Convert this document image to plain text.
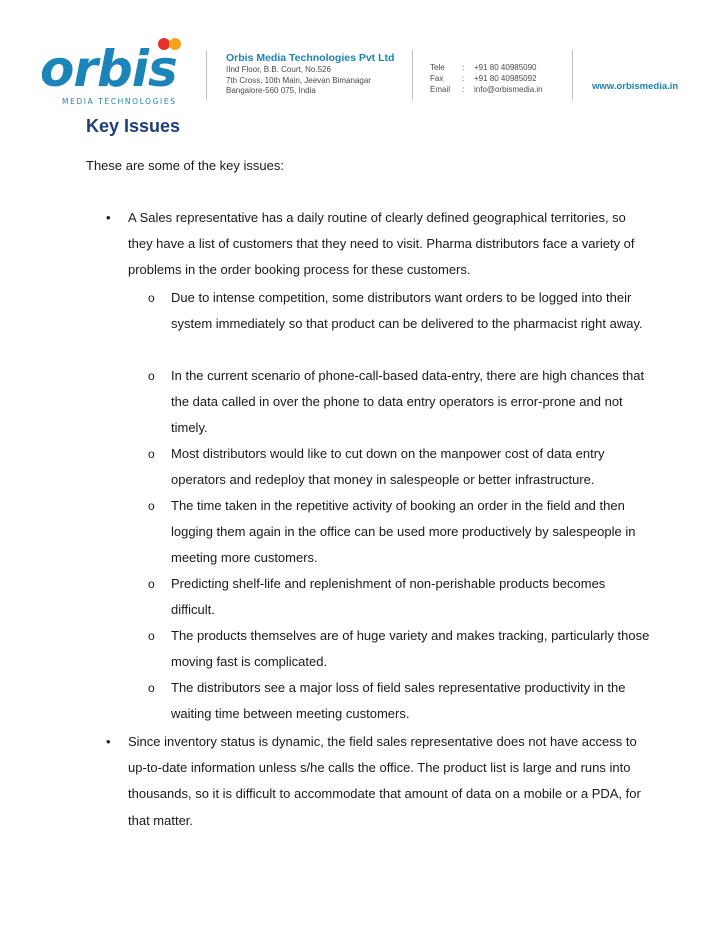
orbis
MEDIA TECHNOLOGIES
Orbis Media Technologies Pvt Ltd
IInd Floor, B.B. Court, No.526
7th Cross, 10th Main, Jeevan Bimanagar
Bangalore-560 075, India
Tele	:	+91 80 40985090
Fax	:	+91 80 40985092
Email	:	info@orbismedia.in	www.orbismedia.in
Key Issues
These are some of the key issues:
• A Sales representative has a daily routine of clearly defined geographical territories, so they have a list of customers that they need to visit. Pharma distributors face a variety of problems in the order booking process for these customers.
o Due to intense competition, some distributors want orders to be logged into their system immediately so that product can be delivered to the pharmacist right away.
o In the current scenario of phone-call-based data-entry, there are high chances that the data called in over the phone to data entry operators is error-prone and not timely.
o Most distributors would like to cut down on the manpower cost of data entry operators and redeploy that money in salespeople or better infrastructure.
o The time taken in the repetitive activity of booking an order in the field and then logging them again in the office can be used more productively by salespeople in meeting more customers.
o Predicting shelf-life and replenishment of non-perishable products becomes difficult.
o The products themselves are of huge variety and makes tracking, particularly those moving fast is complicated.
o The distributors see a major loss of field sales representative productivity in the waiting time between meeting customers.
• Since inventory status is dynamic, the field sales representative does not have access to up-to-date information unless s/he calls the office. The product list is large and runs into thousands, so it is difficult to accommodate that amount of data on a mobile or a PDA, for that matter.
